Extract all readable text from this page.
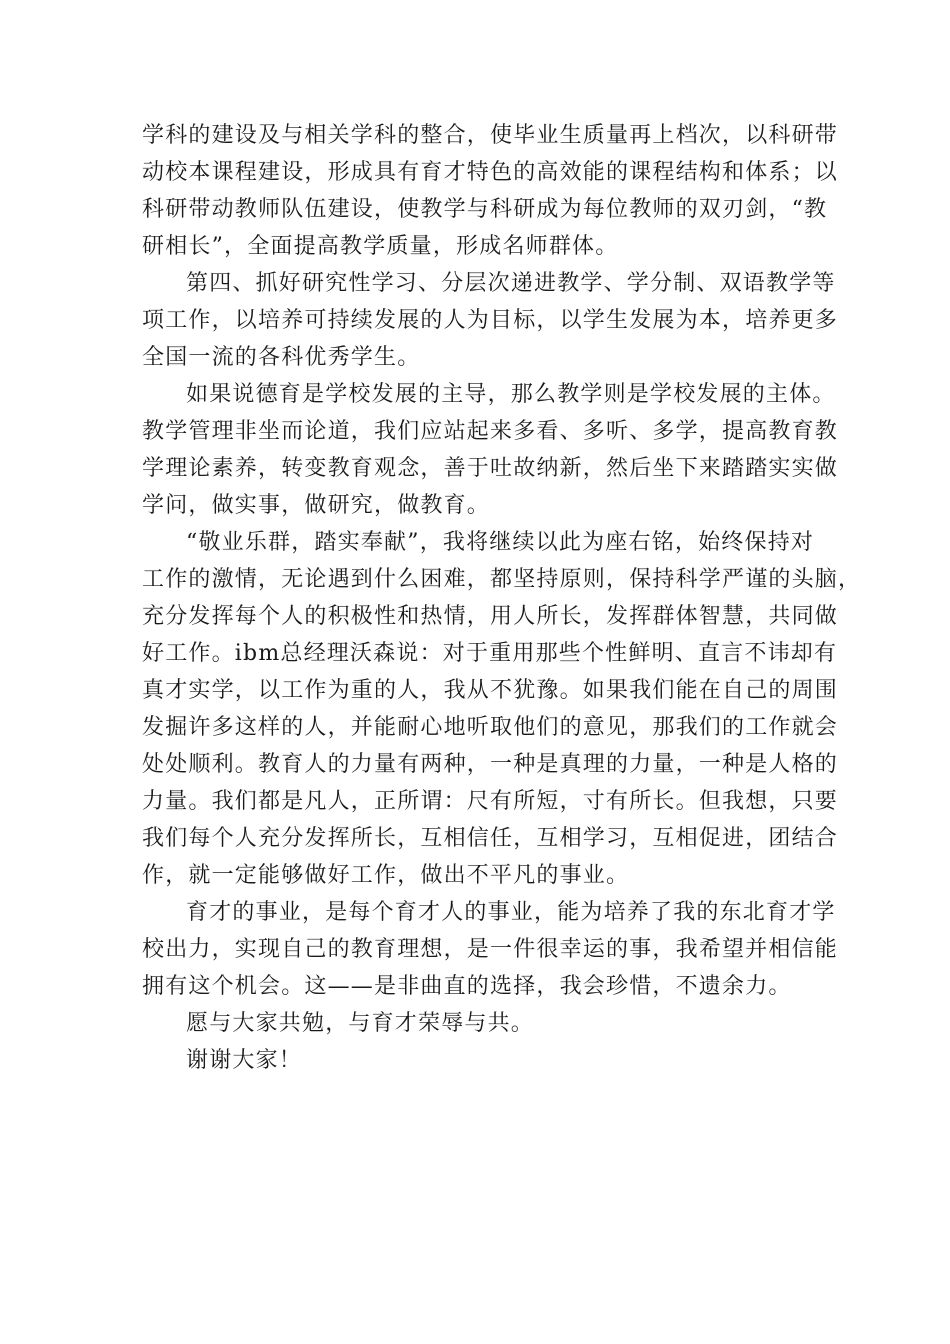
学科的建设及与相关学科的整合，使毕业生质量再上档次，以科研带
动校本课程建设，形成具有育才特色的高效能的课程结构和体系；以
科研带动教师队伍建设，使教学与科研成为每位教师的双刃剑，“教
研相长”，全面提高教学质量，形成名师群体。
第四、抓好研究性学习、分层次递进教学、学分制、双语教学等
项工作，以培养可持续发展的人为目标，以学生发展为本，培养更多
全国一流的各科优秀学生。
如果说德育是学校发展的主导，那么教学则是学校发展的主体。
教学管理非坐而论道，我们应站起来多看、多听、多学，提高教育教
学理论素养，转变教育观念，善于吐故纳新，然后坐下来踏踏实实做
学问，做实事，做研究，做教育。
“敬业乐群，踏实奉献”，我将继续以此为座右铭，始终保持对
工作的激情，无论遇到什么困难，都坚持原则，保持科学严谨的头脑，
充分发挥每个人的积极性和热情，用人所长，发挥群体智慧，共同做
好工作。ibm总经理沃森说：对于重用那些个性鲜明、直言不讳却有
真才实学，以工作为重的人，我从不犹豫。如果我们能在自己的周围
发掘许多这样的人，并能耐心地听取他们的意见，那我们的工作就会
处处顺利。教育人的力量有两种，一种是真理的力量，一种是人格的
力量。我们都是凡人，正所谓：尺有所短，寸有所长。但我想，只要
我们每个人充分发挥所长，互相信任，互相学习，互相促进，团结合
作，就一定能够做好工作，做出不平凡的事业。
育才的事业，是每个育才人的事业，能为培养了我的东北育才学
校出力，实现自己的教育理想，是一件很幸运的事，我希望并相信能
拥有这个机会。这——是非曲直的选择，我会珍惜，不遗余力。
愿与大家共勉，与育才荣辱与共。
谢谢大家！
